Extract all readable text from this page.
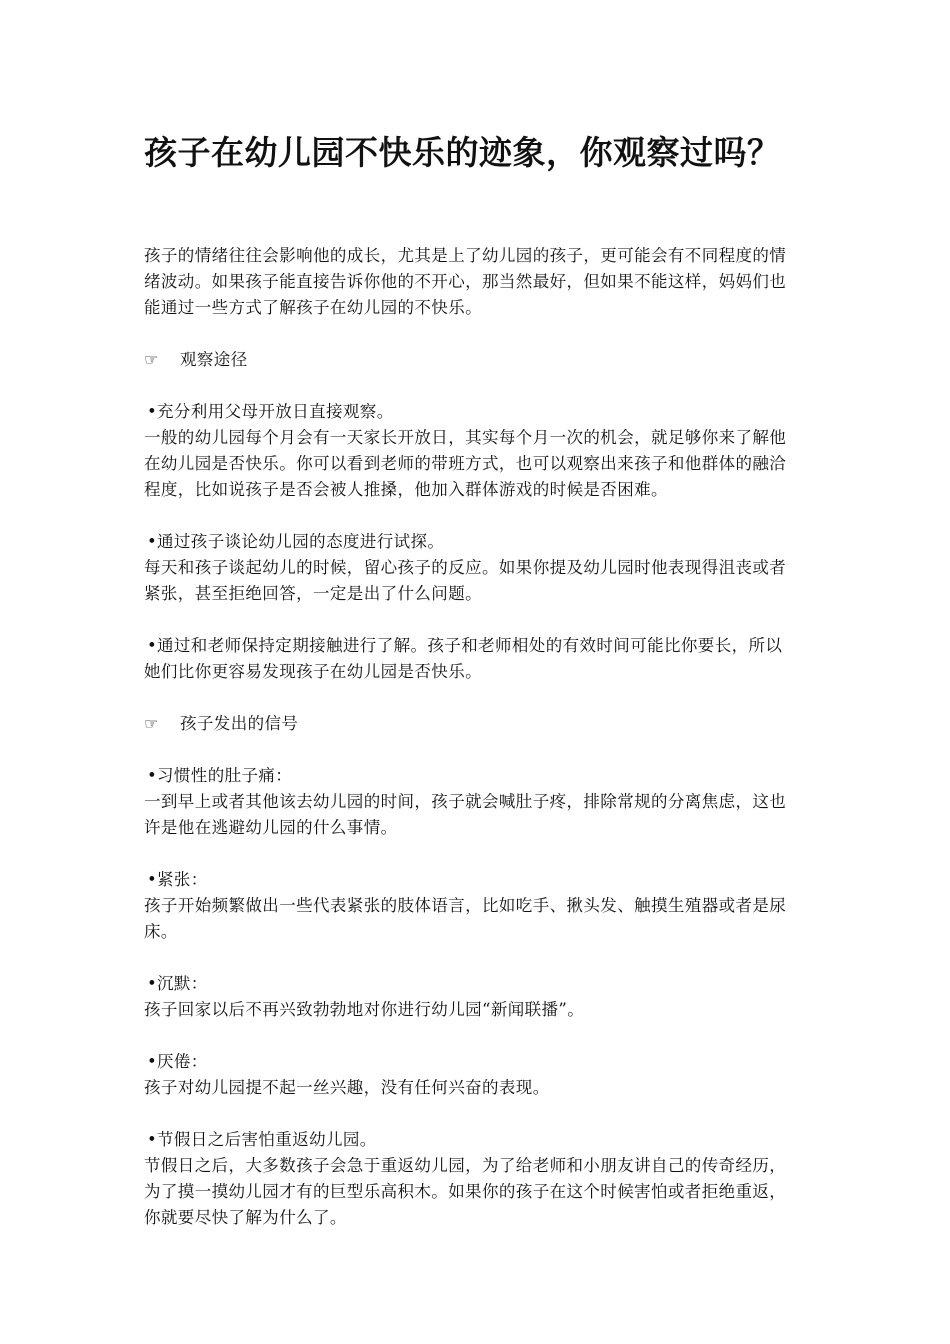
孩子在幼儿园不快乐的迹象，你观察过吗？

孩子的情绪往往会影响他的成长，尤其是上了幼儿园的孩子，更可能会有不同程度的情绪波动。如果孩子能直接告诉你他的不开心，那当然最好，但如果不能这样，妈妈们也能通过一些方式了解孩子在幼儿园的不快乐。

☞	观察途径

•充分利用父母开放日直接观察。

一般的幼儿园每个月会有一天家长开放日，其实每个月一次的机会，就足够你来了解他在幼儿园是否快乐。你可以看到老师的带班方式，也可以观察出来孩子和他群体的融洽程度，比如说孩子是否会被人推搡，他加入群体游戏的时候是否困难。

•通过孩子谈论幼儿园的态度进行试探。

每天和孩子谈起幼儿的时候，留心孩子的反应。如果你提及幼儿园时他表现得沮丧或者紧张，甚至拒绝回答，一定是出了什么问题。

•通过和老师保持定期接触进行了解。孩子和老师相处的有效时间可能比你要长，所以她们比你更容易发现孩子在幼儿园是否快乐。

☞	孩子发出的信号

•习惯性的肚子痛：

一到早上或者其他该去幼儿园的时间，孩子就会喊肚子疼，排除常规的分离焦虑，这也许是他在逃避幼儿园的什么事情。

•紧张：

孩子开始频繁做出一些代表紧张的肢体语言，比如吃手、揪头发、触摸生殖器或者是尿床。

•沉默：

孩子回家以后不再兴致勃勃地对你进行幼儿园“新闻联播”。

•厌倦：

孩子对幼儿园提不起一丝兴趣，没有任何兴奋的表现。

•节假日之后害怕重返幼儿园。

节假日之后，大多数孩子会急于重返幼儿园，为了给老师和小朋友讲自己的传奇经历，为了摸一摸幼儿园才有的巨型乐高积木。如果你的孩子在这个时候害怕或者拒绝重返，你就要尽快了解为什么了。
